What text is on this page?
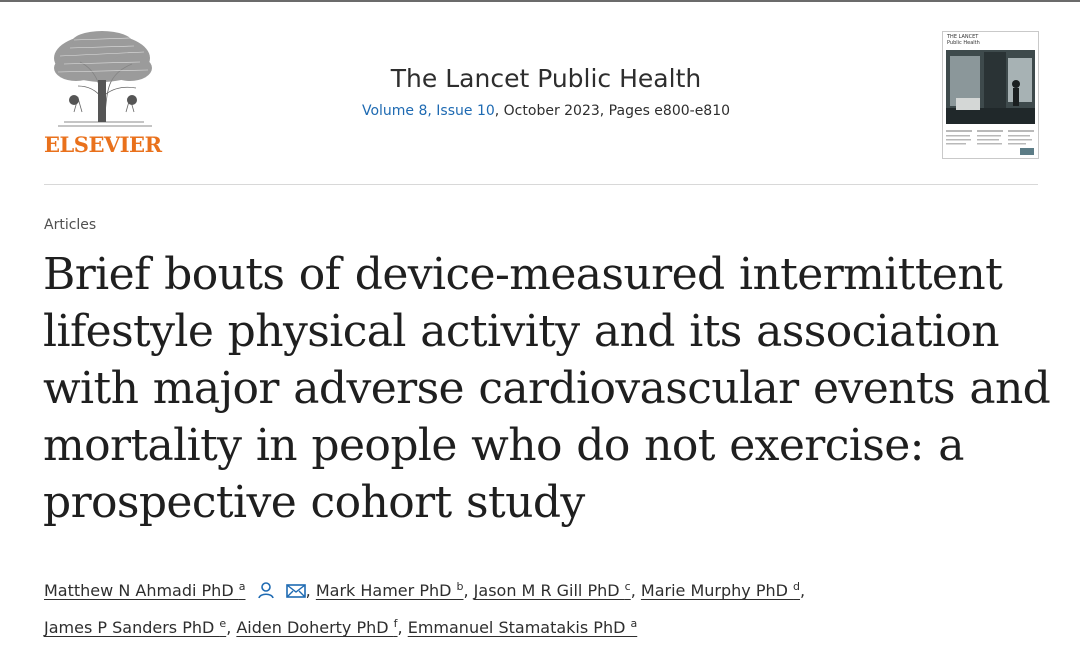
ELSEVIER
The Lancet Public Health
Volume 8, Issue 10, October 2023, Pages e800-e810
THE LANCET
Public Health
Articles
Brief bouts of device-measured intermittent lifestyle physical activity and its association with major adverse cardiovascular events and mortality in people who do not exercise: a prospective cohort study
Matthew N Ahmadi PhD $^a$	, Mark Hamer PhD $^b$, Jason M R Gill PhD $^c$, Marie Murphy PhD $^d$,
James P Sanders PhD $^e$, Aiden Doherty PhD $^f$, Emmanuel Stamatakis PhD $^a$
